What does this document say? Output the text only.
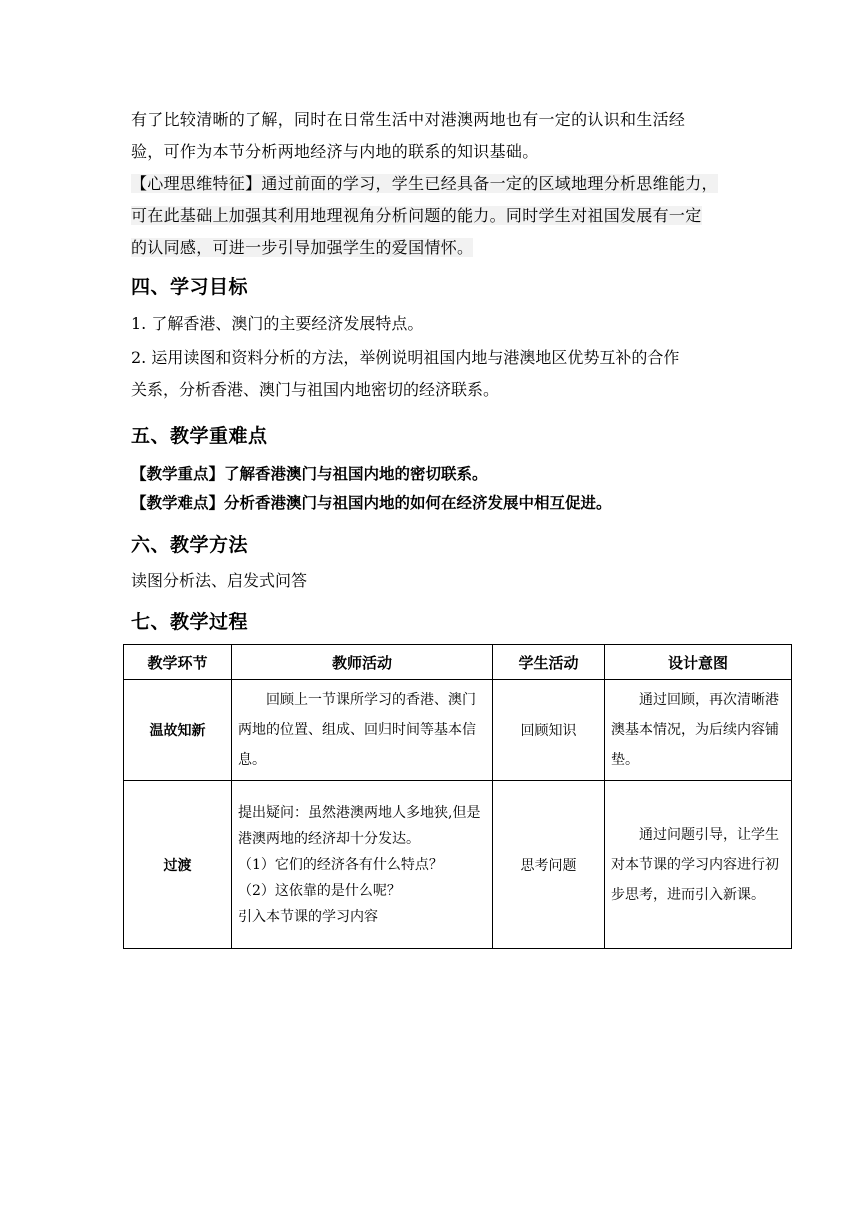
有了比较清晰的了解，同时在日常生活中对港澳两地也有一定的认识和生活经
验，可作为本节分析两地经济与内地的联系的知识基础。
【心理思维特征】通过前面的学习，学生已经具备一定的区域地理分析思维能力，
可在此基础上加强其利用地理视角分析问题的能力。同时学生对祖国发展有一定
的认同感，可进一步引导加强学生的爱国情怀。
四、学习目标
1. 了解香港、澳门的主要经济发展特点。
2. 运用读图和资料分析的方法，举例说明祖国内地与港澳地区优势互补的合作
关系，分析香港、澳门与祖国内地密切的经济联系。
五、教学重难点
【教学重点】了解香港澳门与祖国内地的密切联系。
【教学难点】分析香港澳门与祖国内地的如何在经济发展中相互促进。
六、教学方法
读图分析法、启发式问答
七、教学过程
教学环节	教师活动	学生活动	设计意图
温故知新	回顾上一节课所学习的香港、澳门两地的位置、组成、回归时间等基本信息。	回顾知识	通过回顾，再次清晰港澳基本情况，为后续内容铺垫。

过渡	提出疑问：虽然港澳两地人多地狭,但是港澳两地的经济却十分发达。
（1）它们的经济各有什么特点？
（2）这依靠的是什么呢？
引入本节课的学习内容	思考问题	通过问题引导，让学生对本节课的学习内容进行初步思考，进而引入新课。
